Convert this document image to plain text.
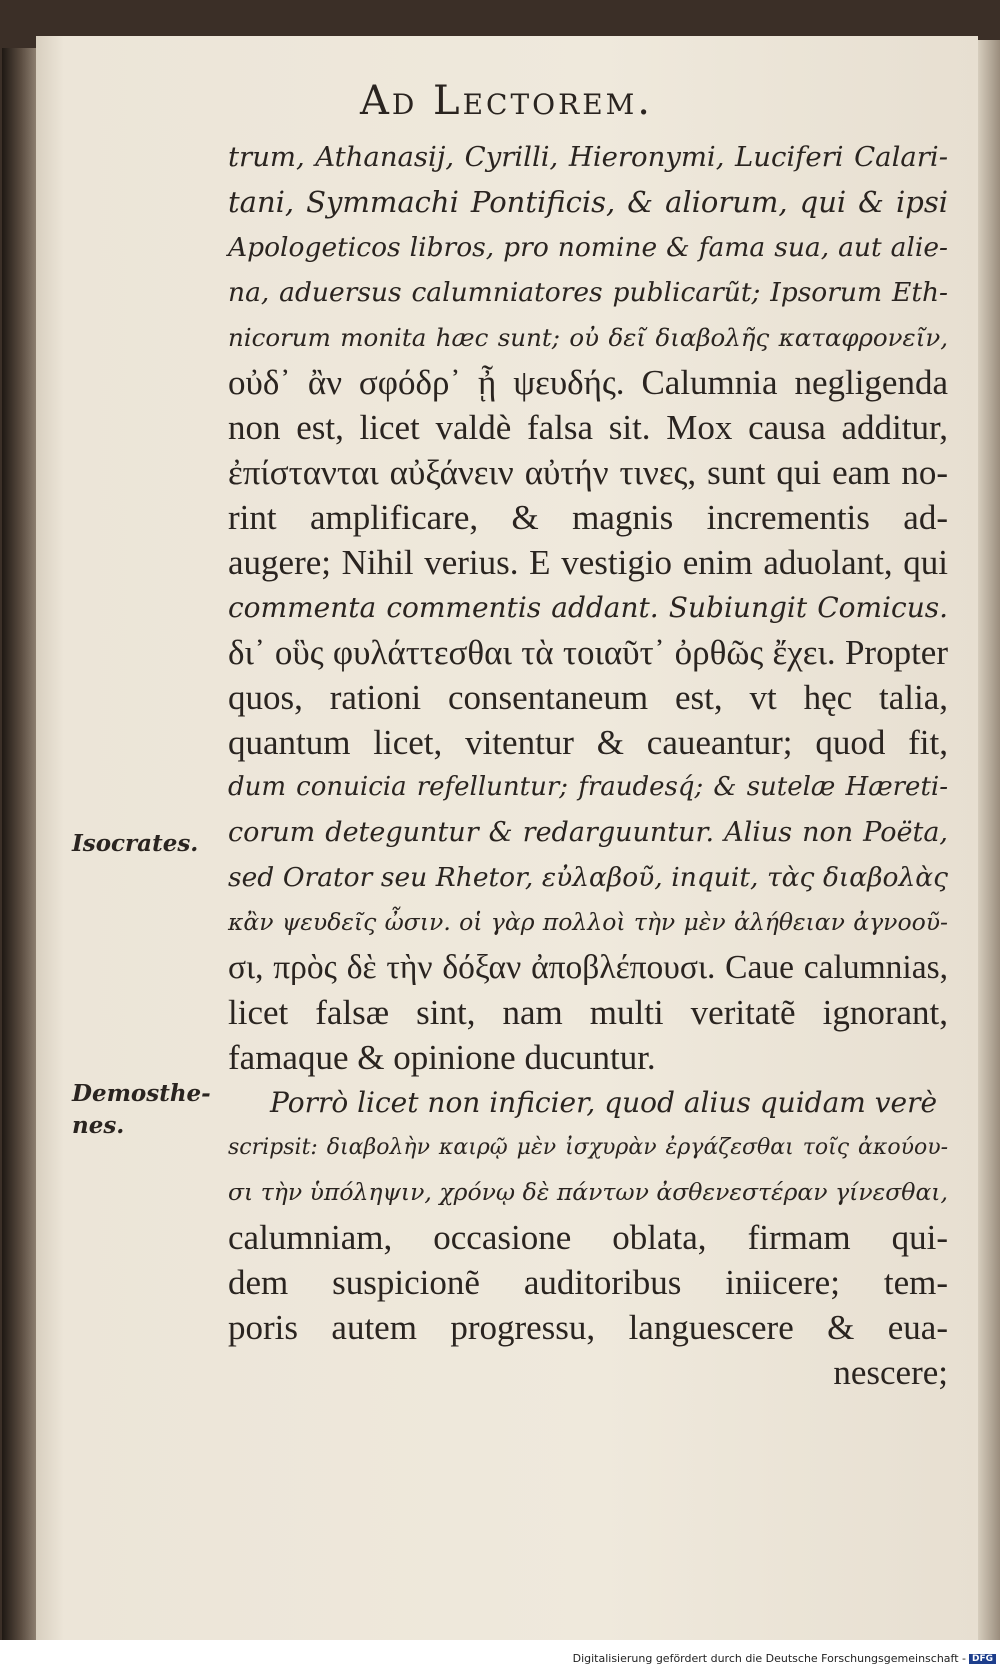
Ad Lectorem.
trum, Athanasij, Cyrilli, Hieronymi, Luciferi Calari-
tani, Symmachi Pontificis, & aliorum, qui & ipsi
Apologeticos libros, pro nomine & fama sua, aut alie-
na, aduersus calumniatores publicarũt; Ipsorum Eth-
nicorum monita hæc sunt; οὐ δεῖ διαβολῆς καταφρονεῖν,
οὐδ᾽ ἂν σφόδρ᾽ ᾖ ψευδής. Calumnia negligenda
non est, licet valdè falsa sit. Mox causa additur,
ἐπίστανται αὐξάνειν αὐτήν τινες, sunt qui eam no-
rint amplificare, & magnis incrementis ad-
augere; Nihil verius. E vestigio enim aduolant, qui
commenta commentis addant. Subiungit Comicus.
δι᾽ οὓς φυλάττεσθαι τὰ τοιαῦτ᾽ ὀρθῶς ἔχει. Propter
quos, rationi consentaneum est, vt hęc talia,
quantum licet, vitentur & caueantur; quod fit,
dum conuicia refelluntur; fraudesq́; & sutelæ Hæreti-
corum deteguntur & redarguuntur. Alius non Poëta,
sed Orator seu Rhetor, εὐλαβοῦ, inquit, τὰς διαβολὰς
κἂν ψευδεῖς ὦσιν. οἱ γὰρ πολλοὶ τὴν μὲν ἀλήθειαν ἀγνοοῦ-
σι, πρὸς δὲ τὴν δόξαν ἀποβλέπουσι. Caue calumnias,
licet falsæ sint, nam multi veritatẽ ignorant,
famaque & opinione ducuntur.
Porrò licet non inficier, quod alius quidam verè
scripsit: διαβολὴν καιρῷ μὲν ἰσχυρὰν ἐργάζεσθαι τοῖς ἀκούου-
σι τὴν ὑπόληψιν, χρόνῳ δὲ πάντων ἀσθενεστέραν γίνεσθαι,
calumniam, occasione oblata, firmam qui-
dem suspicionẽ auditoribus iniicere; tem-
poris autem progressu, languescere & eua-
nescere;
Isocrates.
Demosthe-
nes.
Digitalisierung gefördert durch die Deutsche Forschungsgemeinschaft - DFG
